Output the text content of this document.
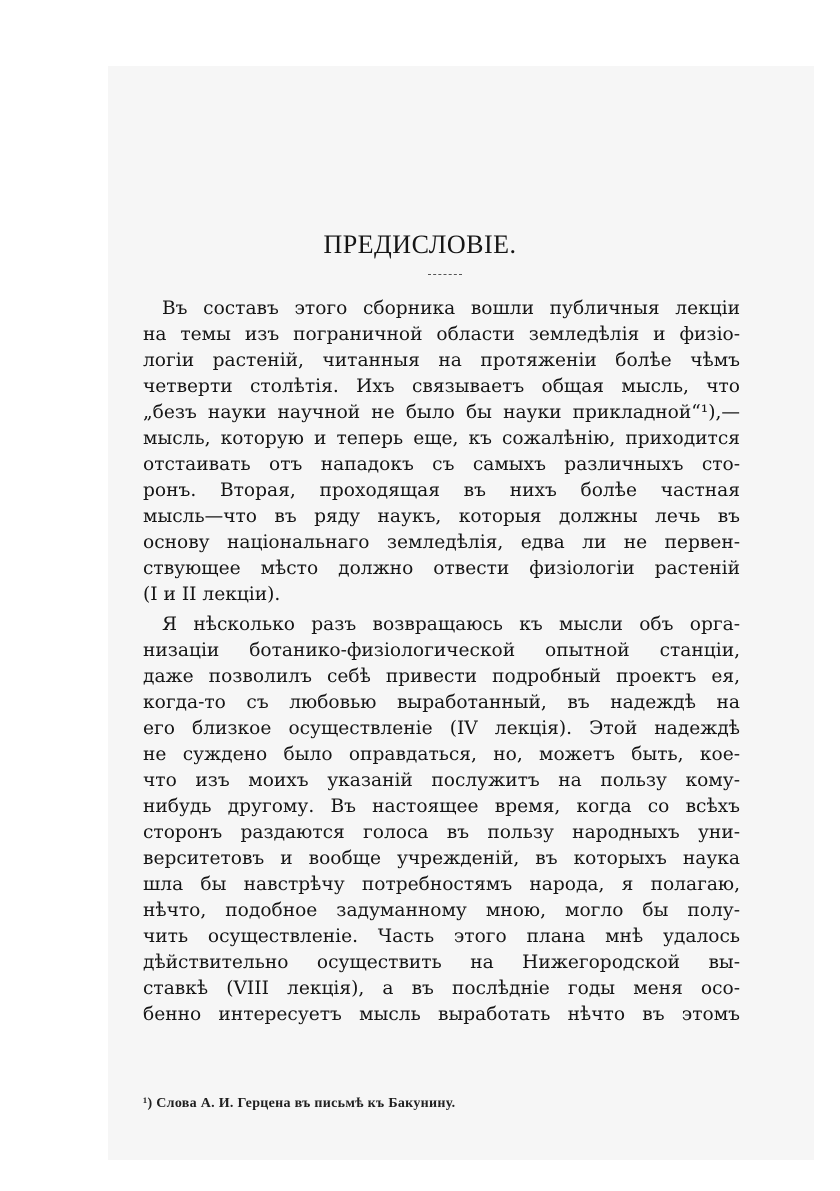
ПРЕДИСЛОВІЕ.
Въ составъ этого сборника вошли публичныя лекціи
на темы изъ пограничной области земледѣлія и физіо-
логіи растеній, читанныя на протяженіи болѣе чѣмъ
четверти столѣтія. Ихъ связываетъ общая мысль, что
„безъ науки научной не было бы науки прикладной“¹),—
мысль, которую и теперь еще, къ сожалѣнію, приходится
отстаивать отъ нападокъ съ самыхъ различныхъ сто-
ронъ. Вторая, проходящая въ нихъ болѣе частная
мысль—что въ ряду наукъ, которыя должны лечь въ
основу національнаго земледѣлія, едва ли не первен-
ствующее мѣсто должно отвести физіологіи растеній
(I и II лекціи).
Я нѣсколько разъ возвращаюсь къ мысли объ орга-
низаціи ботанико-физіологической опытной станціи,
даже позволилъ себѣ привести подробный проектъ ея,
когда-то съ любовью выработанный, въ надеждѣ на
его близкое осуществленіе (IV лекція). Этой надеждѣ
не суждено было оправдаться, но, можетъ быть, кое-
что изъ моихъ указаній послужитъ на пользу кому-
нибудь другому. Въ настоящее время, когда со всѣхъ
сторонъ раздаются голоса въ пользу народныхъ уни-
верситетовъ и вообще учрежденій, въ которыхъ наука
шла бы навстрѣчу потребностямъ народа, я полагаю,
нѣчто, подобное задуманному мною, могло бы полу-
чить осуществленіе. Часть этого плана мнѣ удалось
дѣйствительно осуществить на Нижегородской вы-
ставкѣ (VIII лекція), а въ послѣдніе годы меня осо-
бенно интересуетъ мысль выработать нѣчто въ этомъ
¹) Слова А. И. Герцена въ письмѣ къ Бакунину.
